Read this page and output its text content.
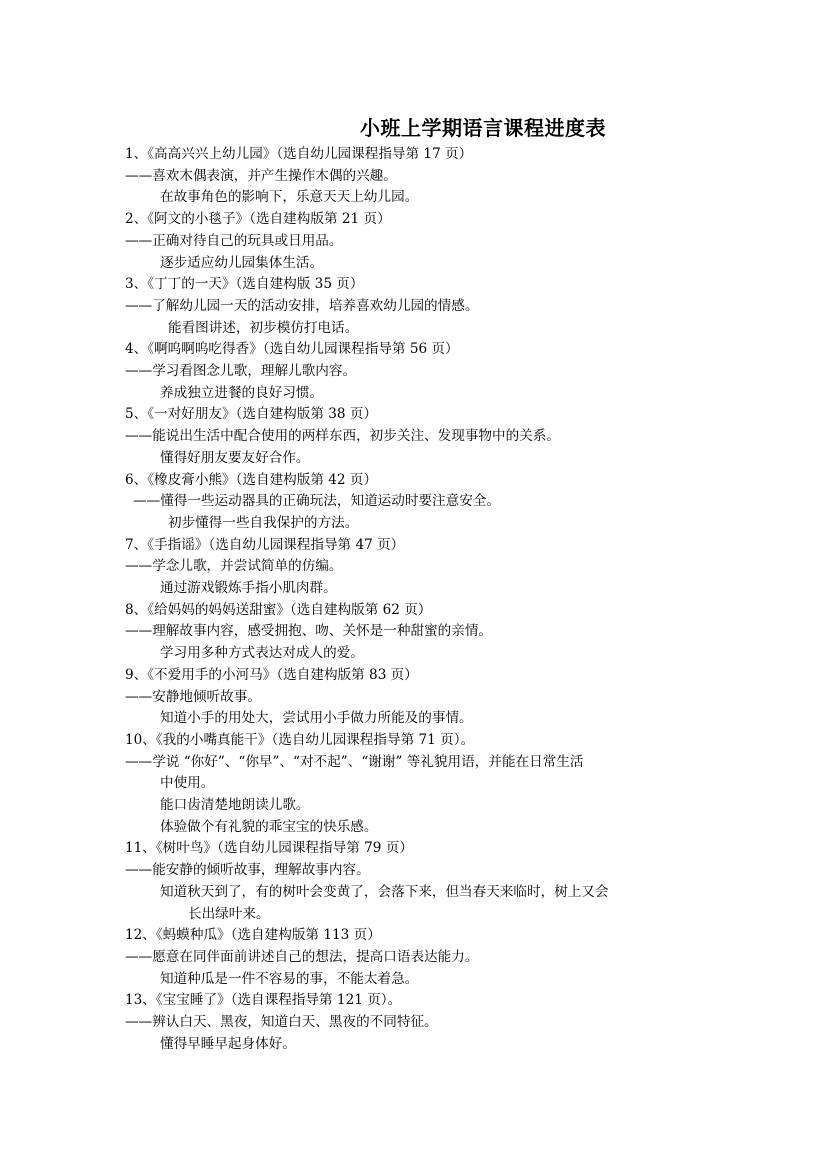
小班上学期语言课程进度表
1、《高高兴兴上幼儿园》（选自幼儿园课程指导第 17 页）
——喜欢木偶表演，并产生操作木偶的兴趣。
在故事角色的影响下，乐意天天上幼儿园。
2、《阿文的小毯子》（选自建构版第 21 页）
——正确对待自己的玩具或日用品。
逐步适应幼儿园集体生活。
3、《丁丁的一天》（选自建构版 35 页）
——了解幼儿园一天的活动安排，培养喜欢幼儿园的情感。
能看图讲述，初步模仿打电话。
4、《啊呜啊呜吃得香》（选自幼儿园课程指导第 56 页）
——学习看图念儿歌，理解儿歌内容。
养成独立进餐的良好习惯。
5、《一对好朋友》（选自建构版第 38 页）
——能说出生活中配合使用的两样东西，初步关注、发现事物中的关系。
懂得好朋友要友好合作。
6、《橡皮膏小熊》（选自建构版第 42 页）
——懂得一些运动器具的正确玩法，知道运动时要注意安全。
初步懂得一些自我保护的方法。
7、《手指谣》（选自幼儿园课程指导第 47 页）
——学念儿歌，并尝试简单的仿编。
通过游戏锻炼手指小肌肉群。
8、《给妈妈的妈妈送甜蜜》（选自建构版第 62 页）
——理解故事内容，感受拥抱、吻、关怀是一种甜蜜的亲情。
学习用多种方式表达对成人的爱。
9、《不爱用手的小河马》（选自建构版第 83 页）
——安静地倾听故事。
知道小手的用处大，尝试用小手做力所能及的事情。
10、《我的小嘴真能干》（选自幼儿园课程指导第 71 页）。
——学说 “你好”、“你早”、“对不起”、“谢谢” 等礼貌用语，并能在日常生活
中使用。
能口齿清楚地朗读儿歌。
体验做个有礼貌的乖宝宝的快乐感。
11、《树叶鸟》（选自幼儿园课程指导第 79 页）
——能安静的倾听故事，理解故事内容。
知道秋天到了，有的树叶会变黄了，会落下来，但当春天来临时，树上又会
长出绿叶来。
12、《蚂蟆种瓜》（选自建构版第 113 页）
——愿意在同伴面前讲述自己的想法，提高口语表达能力。
知道种瓜是一件不容易的事，不能太着急。
13、《宝宝睡了》（选自课程指导第 121 页）。
——辨认白天、黑夜，知道白天、黑夜的不同特征。
懂得早睡早起身体好。
